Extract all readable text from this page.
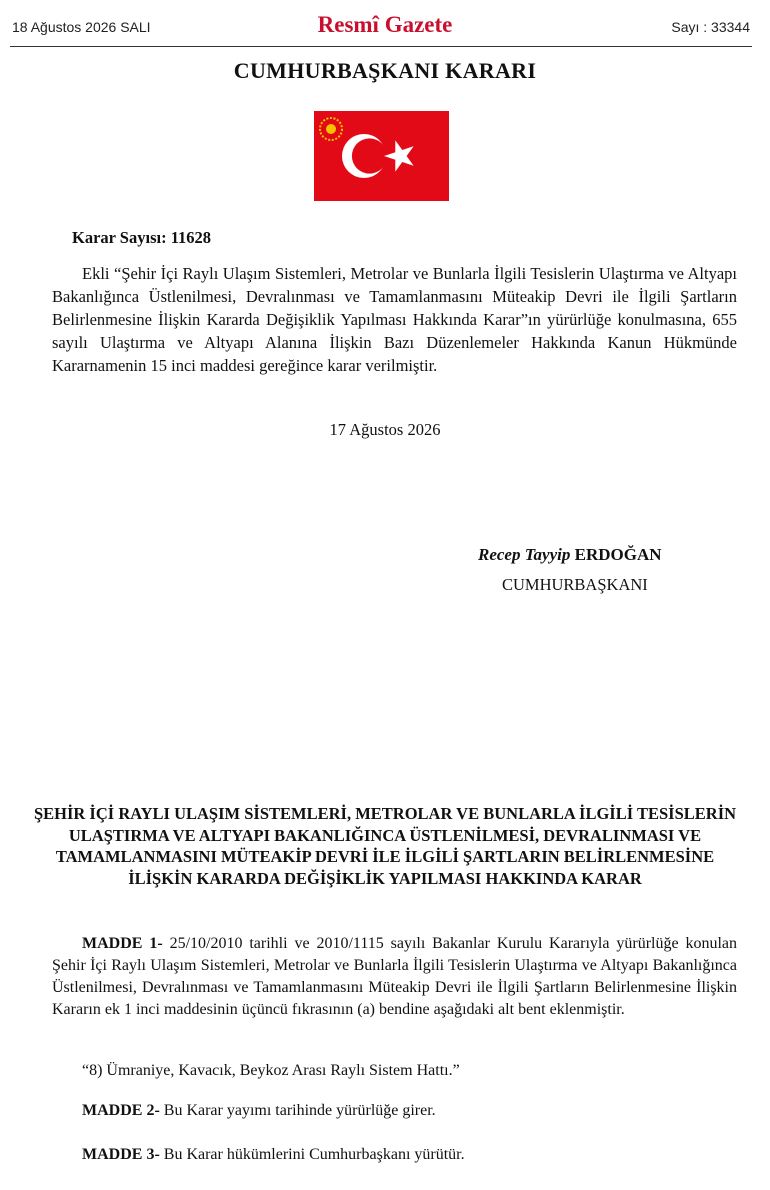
18 Ağustos 2026 SALI	Resmî Gazete	Sayı : 33344
CUMHURBAŞKANI KARARI
Karar Sayısı: 11628
Ekli “Şehir İçi Raylı Ulaşım Sistemleri, Metrolar ve Bunlarla İlgili Tesislerin Ulaştırma ve Altyapı Bakanlığınca Üstlenilmesi, Devralınması ve Tamamlanmasını Müteakip Devri ile İlgili Şartların Belirlenmesine İlişkin Kararda Değişiklik Yapılması Hakkında Karar”ın yürürlüğe konulmasına, 655 sayılı Ulaştırma ve Altyapı Alanına İlişkin Bazı Düzenlemeler Hakkında Kanun Hükmünde Kararnamenin 15 inci maddesi gereğince karar verilmiştir.
17 Ağustos 2026
Recep Tayyip ERDOĞAN
CUMHURBAŞKANI
ŞEHİR İÇİ RAYLI ULAŞIM SİSTEMLERİ, METROLAR VE BUNLARLA İLGİLİ TESİSLERİN ULAŞTIRMA VE ALTYAPI BAKANLIĞINCA ÜSTLENİLMESİ, DEVRALINMASI VE TAMAMLANMASINI MÜTEAKİP DEVRİ İLE İLGİLİ ŞARTLARIN BELİRLENMESİNE İLİŞKİN KARARDA DEĞİŞİKLİK YAPILMASI HAKKINDA KARAR
MADDE 1- 25/10/2010 tarihli ve 2010/1115 sayılı Bakanlar Kurulu Kararıyla yürürlüğe konulan Şehir İçi Raylı Ulaşım Sistemleri, Metrolar ve Bunlarla İlgili Tesislerin Ulaştırma ve Altyapı Bakanlığınca Üstlenilmesi, Devralınması ve Tamamlanmasını Müteakip Devri ile İlgili Şartların Belirlenmesine İlişkin Kararın ek 1 inci maddesinin üçüncü fıkrasının (a) bendine aşağıdaki alt bent eklenmiştir.
“8) Ümraniye, Kavacık, Beykoz Arası Raylı Sistem Hattı.”
MADDE 2- Bu Karar yayımı tarihinde yürürlüğe girer.
MADDE 3- Bu Karar hükümlerini Cumhurbaşkanı yürütür.
